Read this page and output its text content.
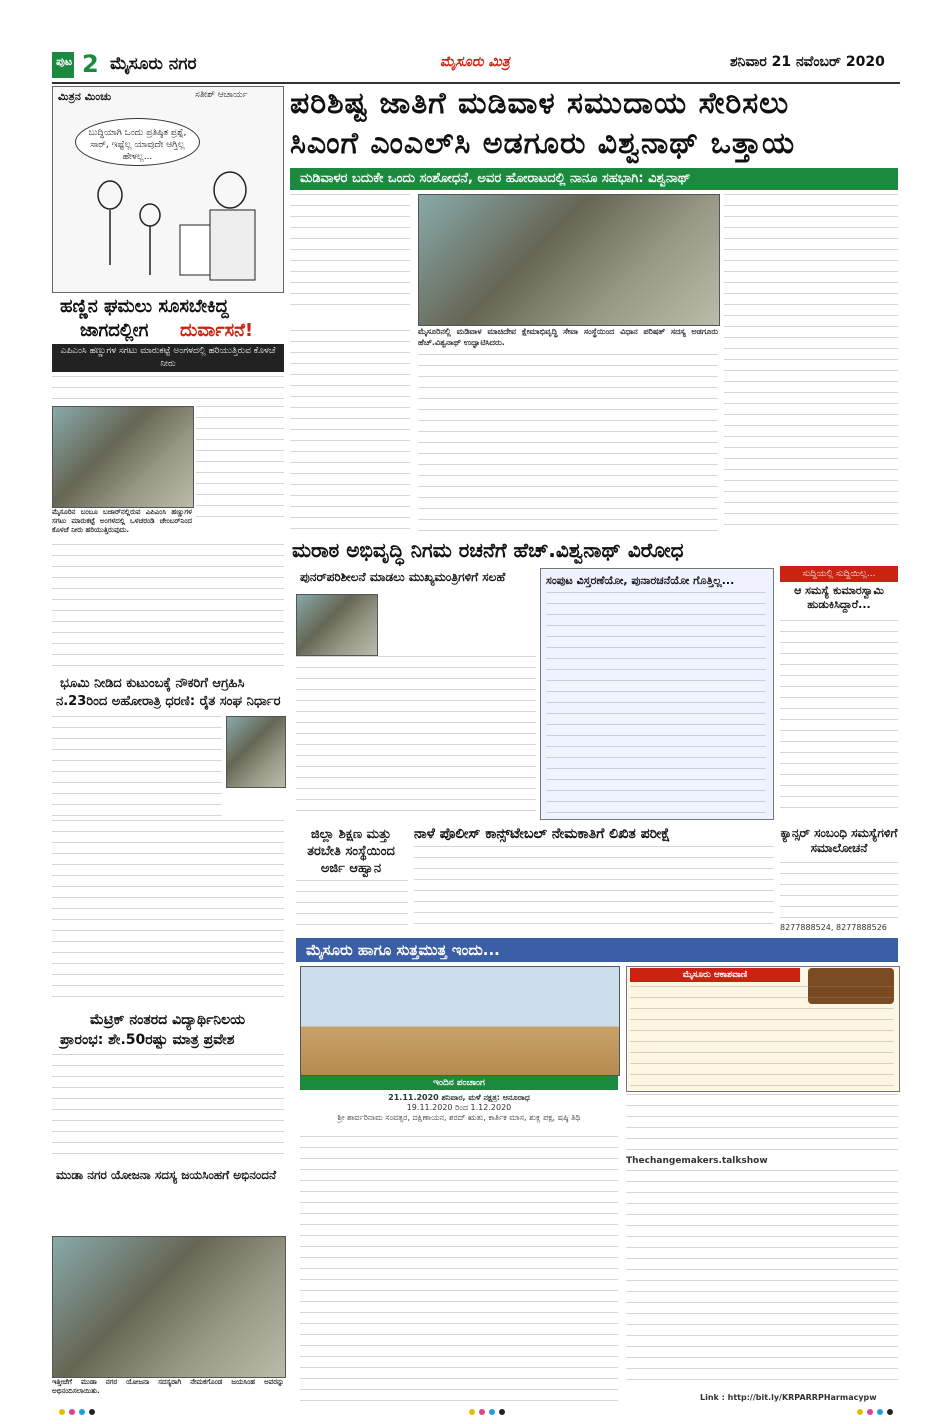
ಪುಟ 2 ಮೈಸೂರು ನಗರ	ಮೈಸೂರು ಮಿತ್ರ	ಶನಿವಾರ 21 ನವೆಂಬರ್ 2020
ಮಿತ್ರನ ಮಿಂಚು	ಸತೀಶ್ ಆಚಾರ್ಯ
ಬುದ್ಧಿಯಾಗಿ ಒಂದು ಪ್ರತಿಷ್ಠಿತ ಪ್ರಶ್ನೆ, ಸಾರ್, ಇಷ್ಟೆಲ್ಲ ಯಾವುದೇ ಆಗ್ತಿಲ್ಲ ಹೇಳಲ್ಲ...
ಪರಿಶಿಷ್ಟ ಜಾತಿಗೆ ಮಡಿವಾಳ ಸಮುದಾಯ ಸೇರಿಸಲು
ಸಿಎಂಗೆ ಎಂಎಲ್‌ಸಿ ಅಡಗೂರು ವಿಶ್ವನಾಥ್ ಒತ್ತಾಯ
ಮಡಿವಾಳರ ಬದುಕೇ ಒಂದು ಸಂಶೋಧನೆ, ಅವರ ಹೋರಾಟದಲ್ಲಿ ನಾನೂ ಸಹಭಾಗಿ: ವಿಶ್ವನಾಥ್
ಮೈಸೂರಿನಲ್ಲಿ ಮಡಿವಾಳ ಮಾಚಿದೇವ ಕ್ಷೇಮಾಭಿವೃದ್ಧಿ ಸೇವಾ ಸಂಸ್ಥೆಯಿಂದ ವಿಧಾನ ಪರಿಷತ್ ಸದಸ್ಯ ಅಡಗೂರು ಹೆಚ್.ವಿಶ್ವನಾಥ್ ಉದ್ಘಾಟಿಸಿದರು.
ಹಣ್ಣಿನ ಘಮಲು ಸೂಸಬೇಕಿದ್ದ
ಜಾಗದಲ್ಲೀಗ ದುರ್ವಾಸನೆ!
ಎಪಿಎಂಸಿ ಹಣ್ಣುಗಳ ಸಗಟು ಮಾರುಕಟ್ಟೆ ಅಂಗಳದಲ್ಲಿ ಹರಿಯುತ್ತಿರುವ ಕೊಳಚೆ ನೀರು
ಮೈಸೂರಿನ ಬಂಬೂ ಬಜಾರ್‌ನಲ್ಲಿರುವ ಎಪಿಎಂಸಿ ಹಣ್ಣುಗಳ ಸಗಟು ಮಾರುಕಟ್ಟೆ ಅಂಗಳದಲ್ಲಿ ಒಳಚರಂಡಿ ಚೇಂಬರ್‌ನಿಂದ ಕೊಳಚೆ ನೀರು ಹರಿಯುತ್ತಿರುವುದು.
ಭೂಮಿ ನೀಡಿದ ಕುಟುಂಬಕ್ಕೆ ನೌಕರಿಗೆ ಆಗ್ರಹಿಸಿ
ನ.23ರಿಂದ ಅಹೋರಾತ್ರಿ ಧರಣಿ: ರೈತ ಸಂಘ ನಿರ್ಧಾರ
ಮೆಟ್ರಿಕ್ ನಂತರದ ವಿದ್ಯಾರ್ಥಿನಿಲಯ
ಪ್ರಾರಂಭ: ಶೇ.50ರಷ್ಟು ಮಾತ್ರ ಪ್ರವೇಶ
ಮುಡಾ ನಗರ ಯೋಜನಾ ಸದಸ್ಯ ಜಯಸಿಂಹಗೆ ಅಭಿನಂದನೆ
ಇತ್ತೀಚೆಗೆ ಮುಡಾ ನಗರ ಯೋಜನಾ ಸದಸ್ಯರಾಗಿ ನೇಮಕಗೊಂಡ ಜಯಸಿಂಹ ಅವರನ್ನು ಅಭಿನಂದಿಸಲಾಯಿತು.
ಮರಾಠ ಅಭಿವೃದ್ಧಿ ನಿಗಮ ರಚನೆಗೆ ಹೆಚ್.ವಿಶ್ವನಾಥ್ ವಿರೋಧ
ಪುನರ್‌ಪರಿಶೀಲನೆ ಮಾಡಲು ಮುಖ್ಯಮಂತ್ರಿಗಳಿಗೆ ಸಲಹೆ	ಸಂಪುಟ ವಿಸ್ತರಣೆಯೋ, ಪುನಾರಚನೆಯೋ ಗೊತ್ತಿಲ್ಲ...	ಸುದ್ದಿಯಲ್ಲಿ ಸುದ್ದಿಯಿಲ್ಲ...
ಆ ಸಮಸ್ಯೆ ಕುಮಾರಸ್ವಾಮಿ ಹುಡುಕಿಸಿದ್ದಾರೆ...
ಜಿಲ್ಲಾ ಶಿಕ್ಷಣ ಮತ್ತು ತರಬೇತಿ ಸಂಸ್ಥೆಯಿಂದ ಅರ್ಜಿ ಆಹ್ವಾನ
ನಾಳೆ ಪೊಲೀಸ್ ಕಾನ್ಸ್‌ಟೇಬಲ್ ನೇಮಕಾತಿಗೆ ಲಿಖಿತ ಪರೀಕ್ಷೆ	ಕ್ಯಾನ್ಸರ್ ಸಂಬಂಧಿ ಸಮಸ್ಯೆಗಳಿಗೆ ಸಮಾಲೋಚನೆ
8277888524, 8277888526
ಮೈಸೂರು ಹಾಗೂ ಸುತ್ತಮುತ್ತ ಇಂದು...
ಇಂದಿನ ಪಂಚಾಂಗ
21.11.2020 ಶನಿವಾರ, ಮಳೆ ನಕ್ಷತ್ರ: ಅನೂರಾಧ
19.11.2020 ರಿಂದ 1.12.2020
ಶ್ರೀ ಶಾರ್ವರಿನಾಮ ಸಂವತ್ಸರ, ದಕ್ಷಿಣಾಯನ, ಶರದ್ ಋತು, ಕಾರ್ತಿಕ ಮಾಸ, ಶುಕ್ಲ ಪಕ್ಷ, ಷಷ್ಠಿ ತಿಥಿ
ಮೈಸೂರು ಆಕಾಶವಾಣಿ
Thechangemakers.talkshow
Link : http://bit.ly/KRPARRPHarmacypw
